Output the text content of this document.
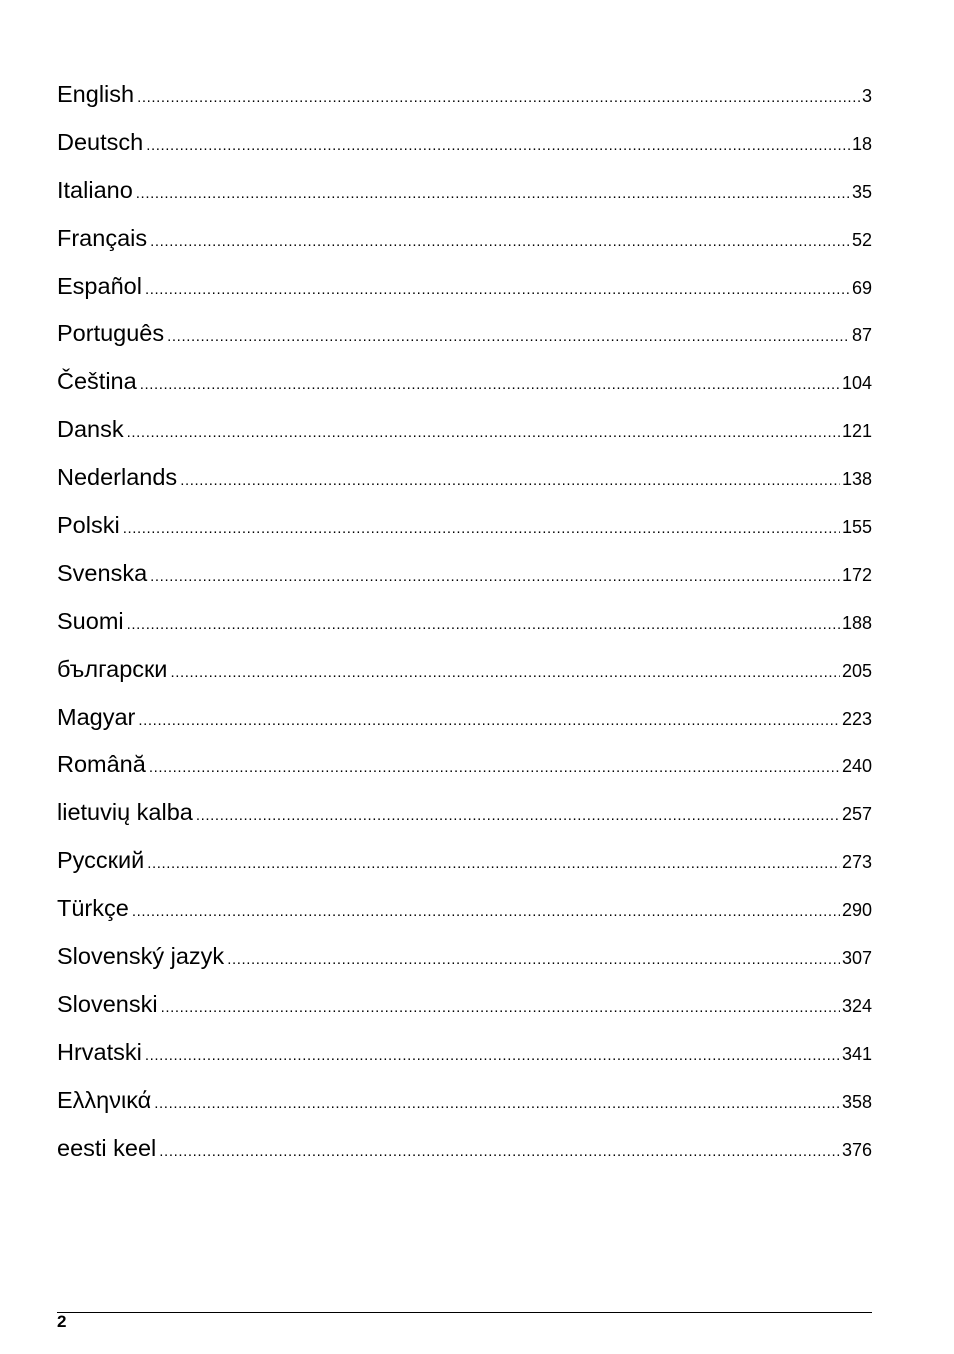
English .....	3
Deutsch .....	18
Italiano .....	35
Français .....	52
Español .....	69
Português .....	87
Čeština .....	104
Dansk .....	121
Nederlands .....	138
Polski .....	155
Svenska .....	172
Suomi .....	188
български .....	205
Magyar .....	223
Română .....	240
lietuvių kalba .....	257
Русский .....	273
Türkçe .....	290
Slovenský jazyk .....	307
Slovenski .....	324
Hrvatski .....	341
Ελληνικά .....	358
eesti keel .....	376
2
